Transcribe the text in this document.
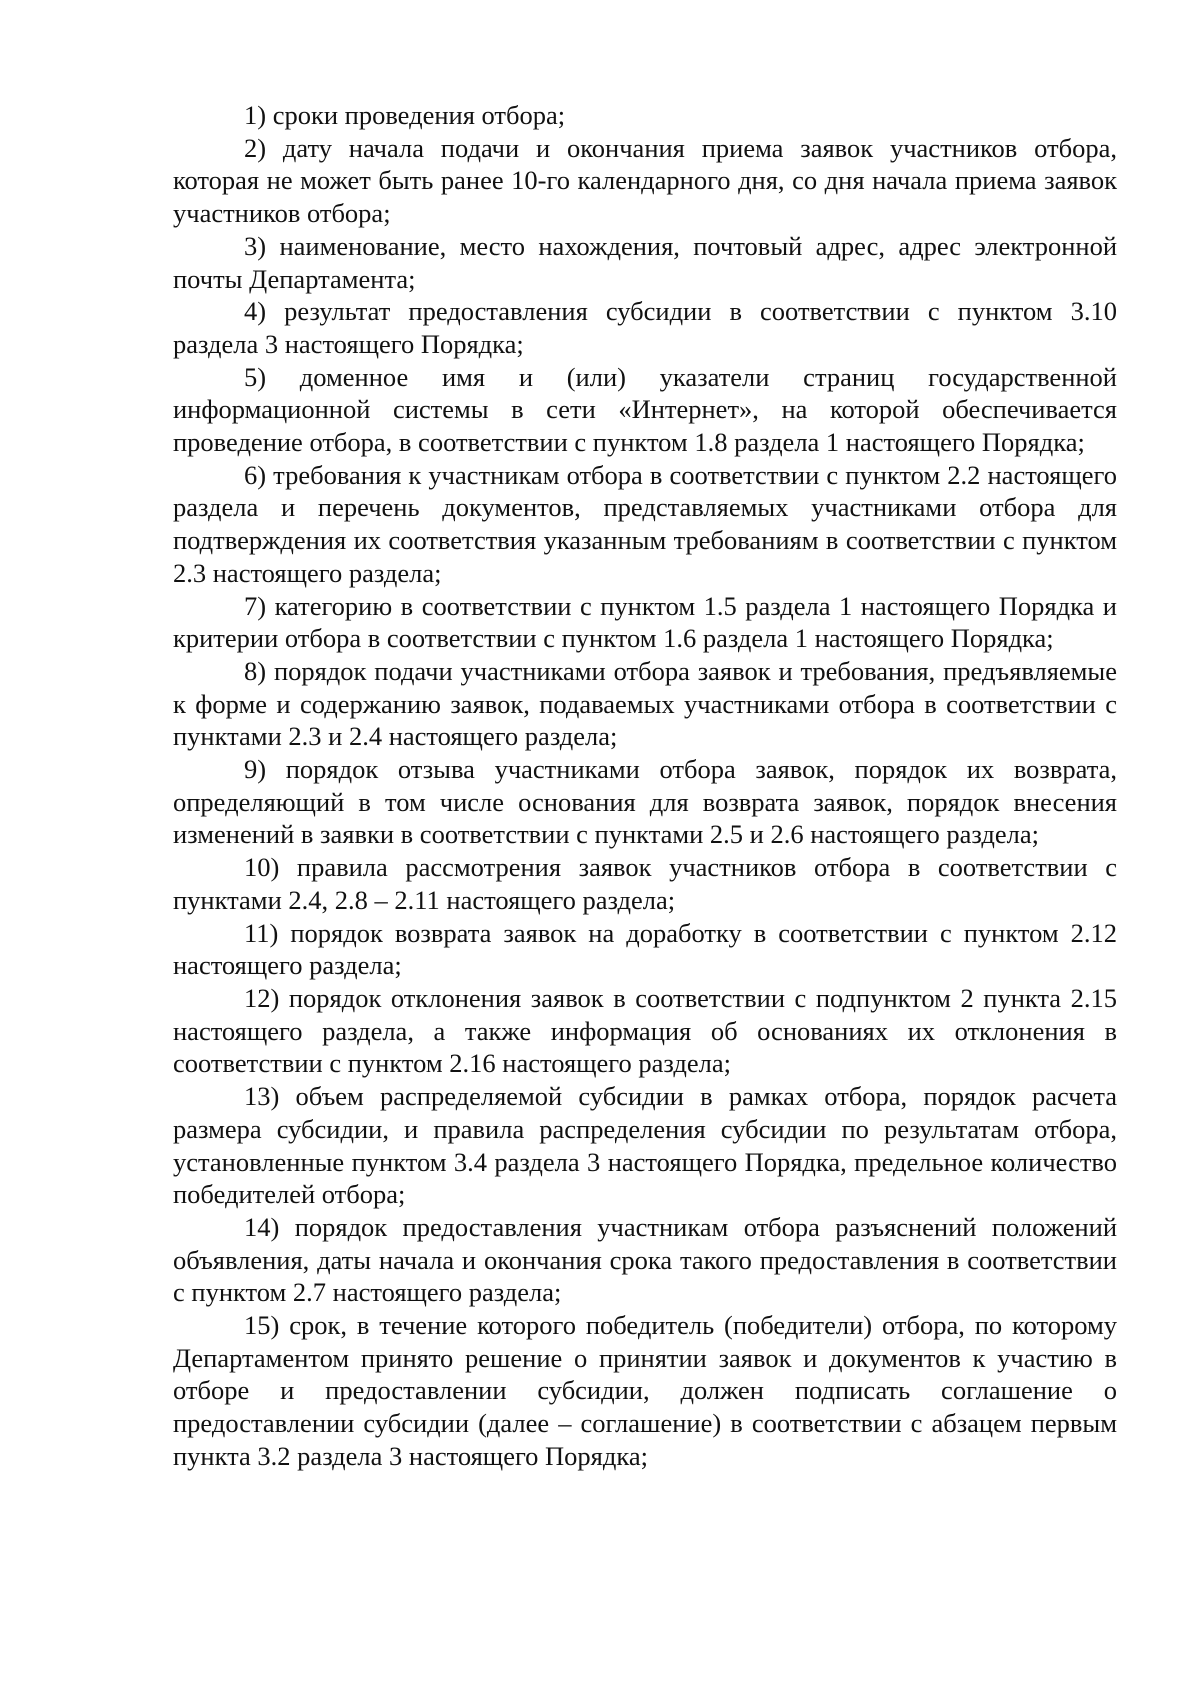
1) сроки проведения отбора;

2) дату начала подачи и окончания приема заявок участников отбора, которая не может быть ранее 10-го календарного дня, со дня начала приема заявок участников отбора;

3) наименование, место нахождения, почтовый адрес, адрес электронной почты Департамента;

4) результат предоставления субсидии в соответствии с пунктом 3.10 раздела 3 настоящего Порядка;

5) доменное имя и (или) указатели страниц государственной информационной системы в сети «Интернет», на которой обеспечивается проведение отбора, в соответствии с пунктом 1.8 раздела 1 настоящего Порядка;

6) требования к участникам отбора в соответствии с пунктом 2.2 настоящего раздела и перечень документов, представляемых участниками отбора для подтверждения их соответствия указанным требованиям в соответствии с пунктом 2.3 настоящего раздела;

7) категорию в соответствии с пунктом 1.5 раздела 1 настоящего Порядка и критерии отбора в соответствии с пунктом 1.6 раздела 1 настоящего Порядка;

8) порядок подачи участниками отбора заявок и требования, предъявляемые к форме и содержанию заявок, подаваемых участниками отбора в соответствии с пунктами 2.3 и 2.4 настоящего раздела;

9) порядок отзыва участниками отбора заявок, порядок их возврата, определяющий в том числе основания для возврата заявок, порядок внесения изменений в заявки в соответствии с пунктами 2.5 и 2.6 настоящего раздела;

10) правила рассмотрения заявок участников отбора в соответствии с пунктами 2.4, 2.8 – 2.11 настоящего раздела;

11) порядок возврата заявок на доработку в соответствии с пунктом 2.12 настоящего раздела;

12) порядок отклонения заявок в соответствии с подпунктом 2 пункта 2.15 настоящего раздела, а также информация об основаниях их отклонения в соответствии с пунктом 2.16 настоящего раздела;

13) объем распределяемой субсидии в рамках отбора, порядок расчета размера субсидии, и правила распределения субсидии по результатам отбора, установленные пунктом 3.4 раздела 3 настоящего Порядка, предельное количество победителей отбора;

14) порядок предоставления участникам отбора разъяснений положений объявления, даты начала и окончания срока такого предоставления в соответствии с пунктом 2.7 настоящего раздела;

15) срок, в течение которого победитель (победители) отбора, по которому Департаментом принято решение о принятии заявок и документов к участию в отборе и предоставлении субсидии, должен подписать соглашение о предоставлении субсидии (далее – соглашение) в соответствии с абзацем первым пункта 3.2 раздела 3 настоящего Порядка;
